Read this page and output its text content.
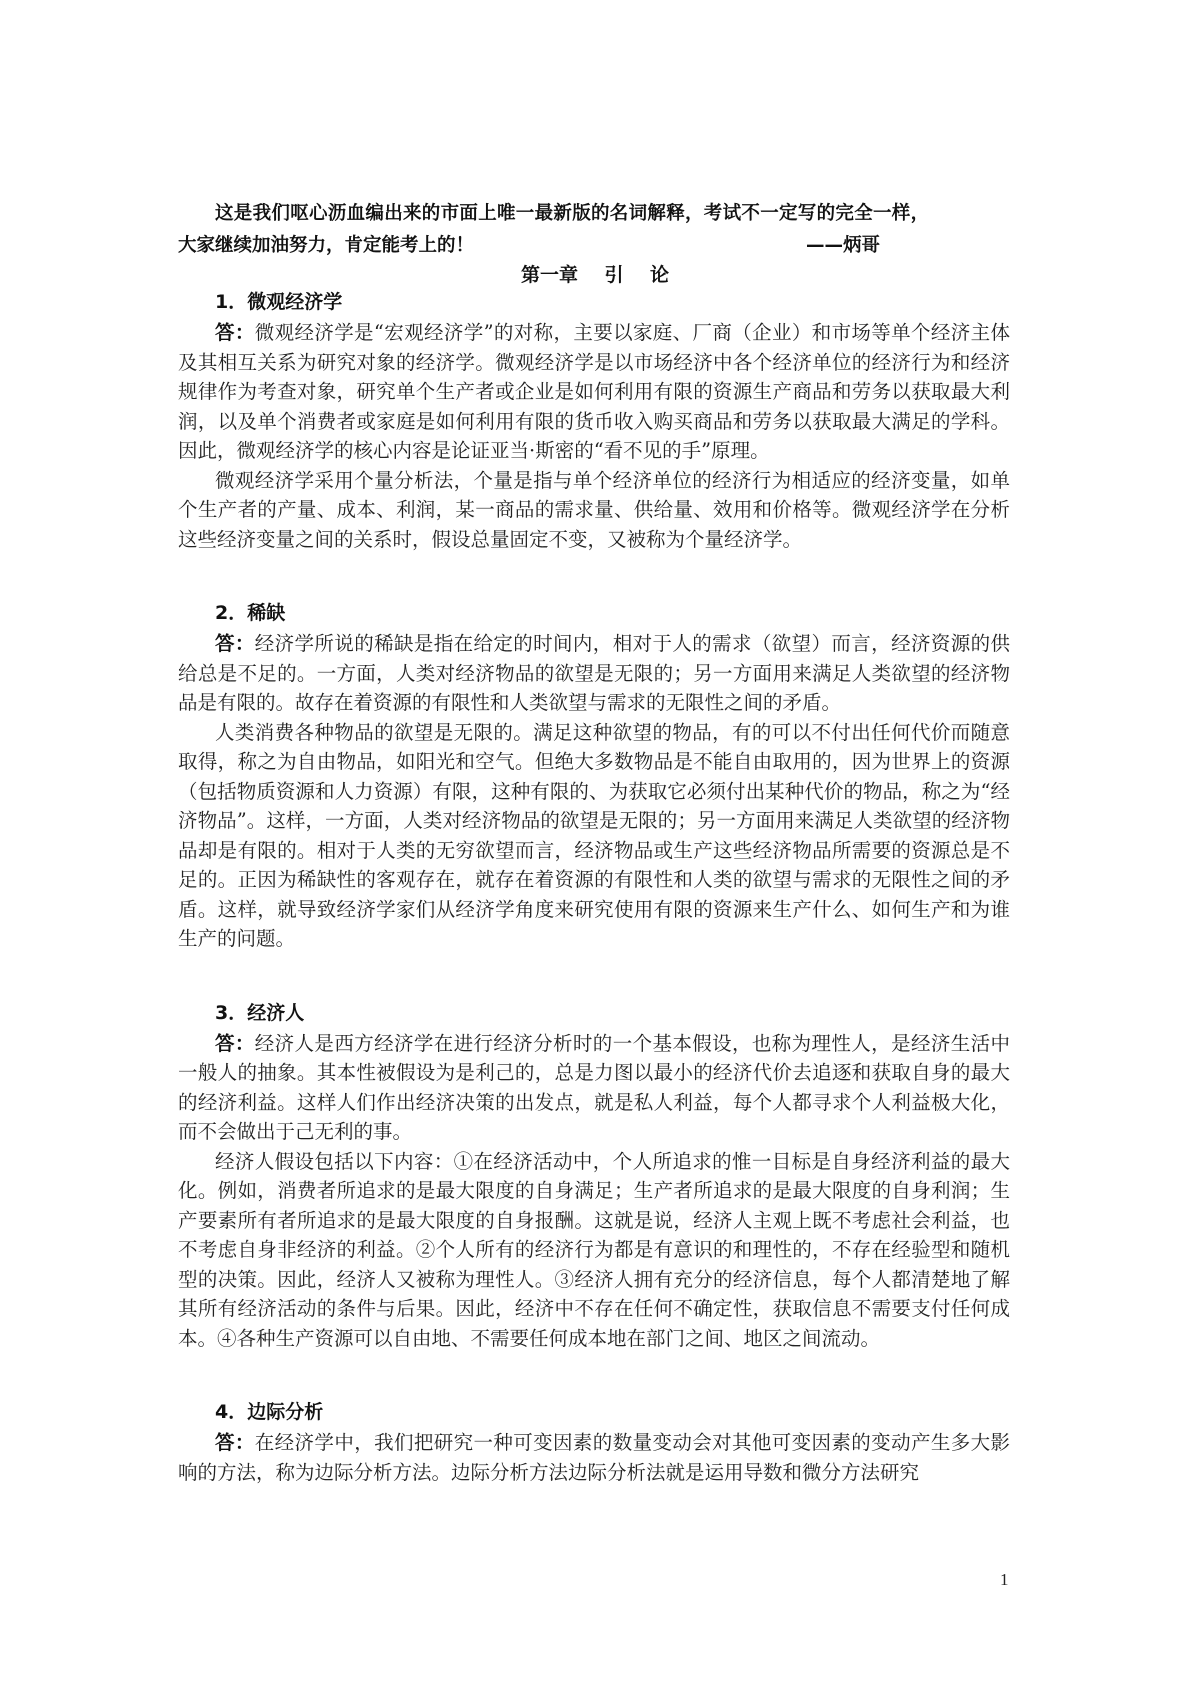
这是我们呕心沥血编出来的市面上唯一最新版的名词解释，考试不一定写的完全一样，
大家继续加油努力，肯定能考上的！	——炳哥
第一章 引 论
1．微观经济学

答：微观经济学是“宏观经济学”的对称，主要以家庭、厂商（企业）和市场等单个经济主体及其相互关系为研究对象的经济学。微观经济学是以市场经济中各个经济单位的经济行为和经济规律作为考查对象，研究单个生产者或企业是如何利用有限的资源生产商品和劳务以获取最大利润，以及单个消费者或家庭是如何利用有限的货币收入购买商品和劳务以获取最大满足的学科。因此，微观经济学的核心内容是论证亚当·斯密的“看不见的手”原理。

微观经济学采用个量分析法，个量是指与单个经济单位的经济行为相适应的经济变量，如单个生产者的产量、成本、利润，某一商品的需求量、供给量、效用和价格等。微观经济学在分析这些经济变量之间的关系时，假设总量固定不变，又被称为个量经济学。

2．稀缺

答：经济学所说的稀缺是指在给定的时间内，相对于人的需求（欲望）而言，经济资源的供给总是不足的。一方面，人类对经济物品的欲望是无限的；另一方面用来满足人类欲望的经济物品是有限的。故存在着资源的有限性和人类欲望与需求的无限性之间的矛盾。

人类消费各种物品的欲望是无限的。满足这种欲望的物品，有的可以不付出任何代价而随意取得，称之为自由物品，如阳光和空气。但绝大多数物品是不能自由取用的，因为世界上的资源（包括物质资源和人力资源）有限，这种有限的、为获取它必须付出某种代价的物品，称之为“经济物品”。这样，一方面，人类对经济物品的欲望是无限的；另一方面用来满足人类欲望的经济物品却是有限的。相对于人类的无穷欲望而言，经济物品或生产这些经济物品所需要的资源总是不足的。正因为稀缺性的客观存在，就存在着资源的有限性和人类的欲望与需求的无限性之间的矛盾。这样，就导致经济学家们从经济学角度来研究使用有限的资源来生产什么、如何生产和为谁生产的问题。

3．经济人

答：经济人是西方经济学在进行经济分析时的一个基本假设，也称为理性人，是经济生活中一般人的抽象。其本性被假设为是利己的，总是力图以最小的经济代价去追逐和获取自身的最大的经济利益。这样人们作出经济决策的出发点，就是私人利益，每个人都寻求个人利益极大化，而不会做出于己无利的事。

经济人假设包括以下内容：①在经济活动中，个人所追求的惟一目标是自身经济利益的最大化。例如，消费者所追求的是最大限度的自身满足；生产者所追求的是最大限度的自身利润；生产要素所有者所追求的是最大限度的自身报酬。这就是说，经济人主观上既不考虑社会利益，也不考虑自身非经济的利益。②个人所有的经济行为都是有意识的和理性的，不存在经验型和随机型的决策。因此，经济人又被称为理性人。③经济人拥有充分的经济信息，每个人都清楚地了解其所有经济活动的条件与后果。因此，经济中不存在任何不确定性，获取信息不需要支付任何成本。④各种生产资源可以自由地、不需要任何成本地在部门之间、地区之间流动。

4．边际分析

答：在经济学中，我们把研究一种可变因素的数量变动会对其他可变因素的变动产生多大影响的方法，称为边际分析方法。边际分析方法边际分析法就是运用导数和微分方法研究

1
